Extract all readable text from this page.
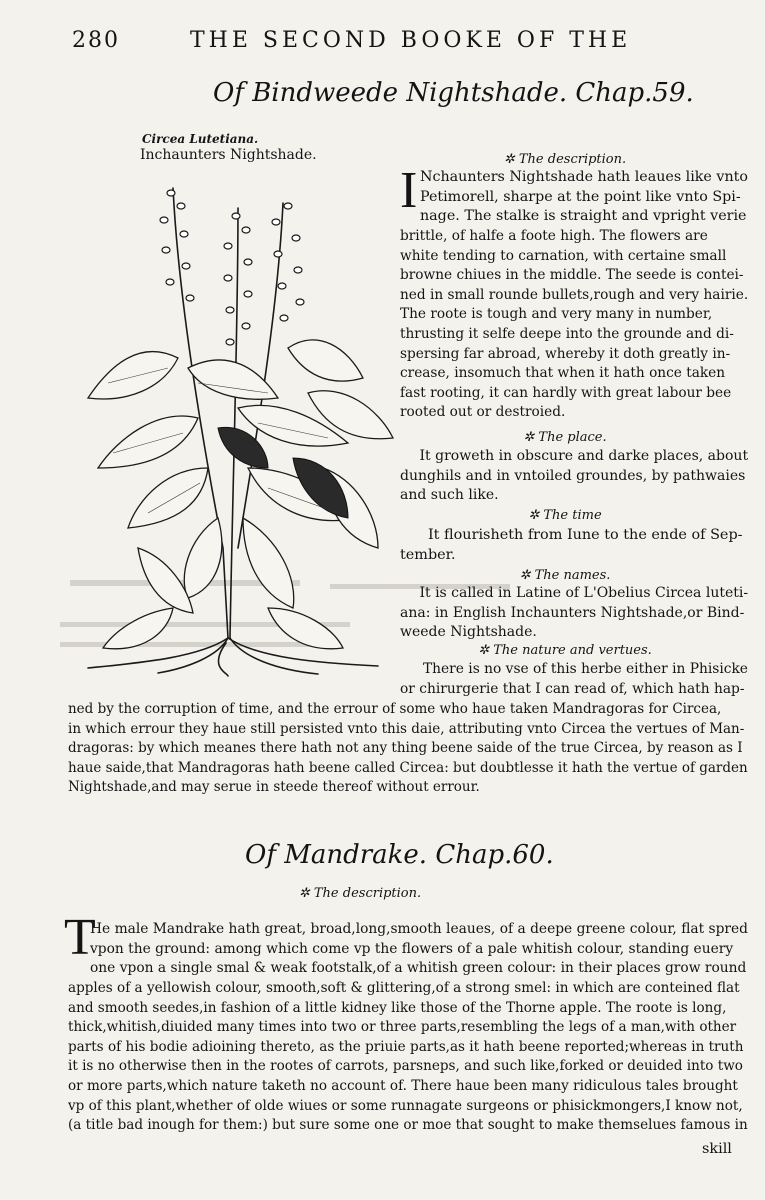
280	THE SECOND BOOKE OF THE
Of Bindweede Nightshade. Chap.59.
Circea Lutetiana.
Inchaunters Nightshade.	✲ The description.
I Nchaunters Nightshade hath leaues like vnto
Petimorell, sharpe at the point like vnto Spi-
nage. The stalke is straight and vpright verie
brittle, of halfe a foote high. The flowers are
white tending to carnation, with certaine small
browne chiues in the middle. The seede is contei-
ned in small rounde bullets,rough and very hairie.
The roote is tough and very many in number,
thrusting it selfe deepe into the grounde and di-
spersing far abroad, whereby it doth greatly in-
crease, insomuch that when it hath once taken
fast rooting, it can hardly with great labour bee
rooted out or destroied.
✲ The place.
It groweth in obscure and darke places, about
dunghils and in vntoiled groundes, by pathwaies
and such like.
✲ The time
It flourisheth from Iune to the ende of Sep-
tember.
✲ The names.
It is called in Latine of L'Obelius Circea luteti-
ana: in English Inchaunters Nightshade,or Bind-
weede Nightshade.
✲ The nature and vertues.
There is no vse of this herbe either in Phisicke
or chirurgerie that I can read of, which hath hap-
ned by the corruption of time, and the errour of some who haue taken Mandragoras for Circea,
in which errour they haue still persisted vnto this daie, attributing vnto Circea the vertues of Man-
dragoras: by which meanes there hath not any thing beene saide of the true Circea, by reason as I
haue saide,that Mandragoras hath beene called Circea: but doubtlesse it hath the vertue of garden
Nightshade,and may serue in steede thereof without errour.
Of Mandrake. Chap.60.
✲ The description.
T
He male Mandrake hath great, broad,long,smooth leaues, of a deepe greene colour, flat spred
vpon the ground: among which come vp the flowers of a pale whitish colour, standing euery
one vpon a single smal & weak footstalk,of a whitish green colour: in their places grow round
apples of a yellowish colour, smooth,soft & glittering,of a strong smel: in which are conteined flat
and smooth seedes,in fashion of a little kidney like those of the Thorne apple. The roote is long,
thick,whitish,diuided many times into two or three parts,resembling the legs of a man,with other
parts of his bodie adioining thereto, as the priuie parts,as it hath beene reported;whereas in truth
it is no otherwise then in the rootes of carrots, parsneps, and such like,forked or deuided into two
or more parts,which nature taketh no account of. There haue been many ridiculous tales brought
vp of this plant,whether of olde wiues or some runnagate surgeons or phisickmongers,I know not,
(a title bad inough for them:) but sure some one or moe that sought to make themselues famous in
skill
